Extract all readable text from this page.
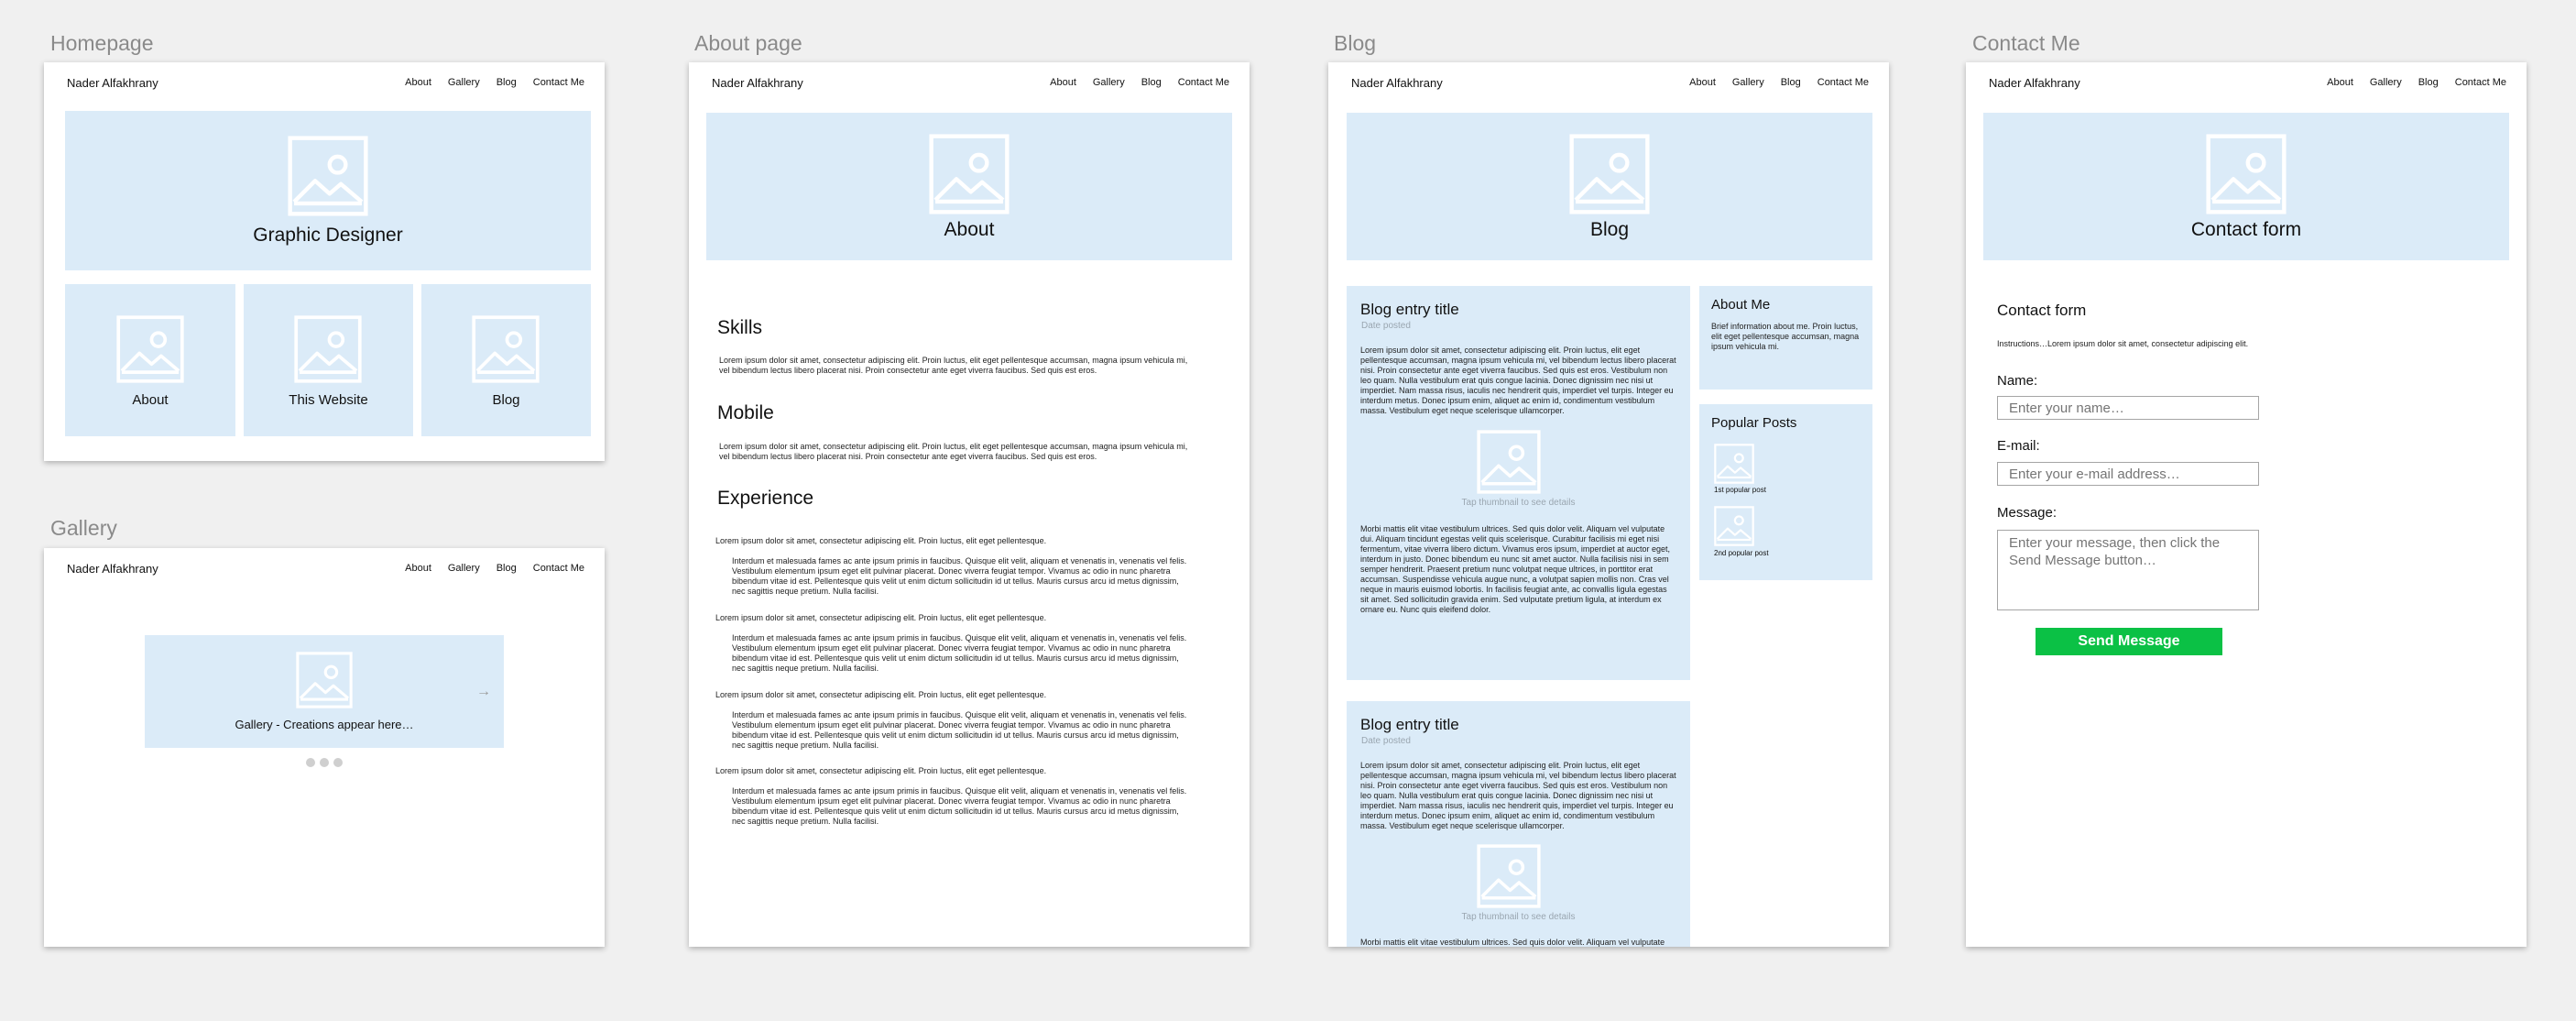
Homepage
Gallery
About page	Blog	Contact Me
Nader Alfakhrany	About Gallery Blog Contact Me
Graphic Designer
About	This Website	Blog
Nader Alfakhrany	About Gallery Blog Contact Me
Gallery - Creations appear here…
→
Nader Alfakhrany	About Gallery Blog Contact Me
About
Skills
Lorem ipsum dolor sit amet, consectetur adipiscing elit. Proin luctus, elit eget pellentesque accumsan, magna ipsum vehicula mi, vel bibendum lectus libero placerat nisi. Proin consectetur ante eget viverra faucibus. Sed quis est eros.
Mobile
Lorem ipsum dolor sit amet, consectetur adipiscing elit. Proin luctus, elit eget pellentesque accumsan, magna ipsum vehicula mi, vel bibendum lectus libero placerat nisi. Proin consectetur ante eget viverra faucibus. Sed quis est eros.
Experience
Lorem ipsum dolor sit amet, consectetur adipiscing elit. Proin luctus, elit eget pellentesque.
Interdum et malesuada fames ac ante ipsum primis in faucibus. Quisque elit velit, aliquam et venenatis in, venenatis vel felis. Vestibulum elementum ipsum eget elit pulvinar placerat. Donec viverra feugiat tempor. Vivamus ac odio in nunc pharetra bibendum vitae id est. Pellentesque quis velit ut enim dictum sollicitudin id ut tellus. Mauris cursus arcu id metus dignissim, nec sagittis neque pretium. Nulla facilisi.
Lorem ipsum dolor sit amet, consectetur adipiscing elit. Proin luctus, elit eget pellentesque.
Interdum et malesuada fames ac ante ipsum primis in faucibus. Quisque elit velit, aliquam et venenatis in, venenatis vel felis. Vestibulum elementum ipsum eget elit pulvinar placerat. Donec viverra feugiat tempor. Vivamus ac odio in nunc pharetra bibendum vitae id est. Pellentesque quis velit ut enim dictum sollicitudin id ut tellus. Mauris cursus arcu id metus dignissim, nec sagittis neque pretium. Nulla facilisi.
Lorem ipsum dolor sit amet, consectetur adipiscing elit. Proin luctus, elit eget pellentesque.
Interdum et malesuada fames ac ante ipsum primis in faucibus. Quisque elit velit, aliquam et venenatis in, venenatis vel felis. Vestibulum elementum ipsum eget elit pulvinar placerat. Donec viverra feugiat tempor. Vivamus ac odio in nunc pharetra bibendum vitae id est. Pellentesque quis velit ut enim dictum sollicitudin id ut tellus. Mauris cursus arcu id metus dignissim, nec sagittis neque pretium. Nulla facilisi.
Lorem ipsum dolor sit amet, consectetur adipiscing elit. Proin luctus, elit eget pellentesque.
Interdum et malesuada fames ac ante ipsum primis in faucibus. Quisque elit velit, aliquam et venenatis in, venenatis vel felis. Vestibulum elementum ipsum eget elit pulvinar placerat. Donec viverra feugiat tempor. Vivamus ac odio in nunc pharetra bibendum vitae id est. Pellentesque quis velit ut enim dictum sollicitudin id ut tellus. Mauris cursus arcu id metus dignissim, nec sagittis neque pretium. Nulla facilisi.
Nader Alfakhrany	About Gallery Blog Contact Me
Blog
Blog entry title
Date posted
Lorem ipsum dolor sit amet, consectetur adipiscing elit. Proin luctus, elit eget pellentesque accumsan, magna ipsum vehicula mi, vel bibendum lectus libero placerat nisi. Proin consectetur ante eget viverra faucibus. Sed quis est eros. Vestibulum non leo quam. Nulla vestibulum erat quis congue lacinia. Donec dignissim nec nisi ut imperdiet. Nam massa risus, iaculis nec hendrerit quis, imperdiet vel turpis. Integer eu interdum metus. Donec ipsum enim, aliquet ac enim id, condimentum vestibulum massa. Vestibulum eget neque scelerisque ullamcorper.
Tap thumbnail to see details
Morbi mattis elit vitae vestibulum ultrices. Sed quis dolor velit. Aliquam vel vulputate dui. Aliquam tincidunt egestas velit quis scelerisque. Curabitur facilisis mi eget nisi fermentum, vitae viverra libero dictum. Vivamus eros ipsum, imperdiet at auctor eget, interdum in justo. Donec bibendum eu nunc sit amet auctor. Nulla facilisis nisi in sem semper hendrerit. Praesent pretium nunc volutpat neque ultrices, in porttitor erat accumsan. Suspendisse vehicula augue nunc, a volutpat sapien mollis non. Cras vel neque in mauris euismod lobortis. In facilisis feugiat ante, ac convallis ligula egestas sit amet. Sed sollicitudin gravida enim. Sed vulputate pretium ligula, at interdum ex ornare eu. Nunc quis eleifend dolor.
About Me
Brief information about me. Proin luctus, elit eget pellentesque accumsan, magna ipsum vehicula mi.
Popular Posts
1st popular post
2nd popular post
Blog entry title
Date posted
Lorem ipsum dolor sit amet, consectetur adipiscing elit. Proin luctus, elit eget pellentesque accumsan, magna ipsum vehicula mi, vel bibendum lectus libero placerat nisi. Proin consectetur ante eget viverra faucibus. Sed quis est eros. Vestibulum non leo quam. Nulla vestibulum erat quis congue lacinia. Donec dignissim nec nisi ut imperdiet. Nam massa risus, iaculis nec hendrerit quis, imperdiet vel turpis. Integer eu interdum metus. Donec ipsum enim, aliquet ac enim id, condimentum vestibulum massa. Vestibulum eget neque scelerisque ullamcorper.
Tap thumbnail to see details
Morbi mattis elit vitae vestibulum ultrices. Sed quis dolor velit. Aliquam vel vulputate
Nader Alfakhrany	About Gallery Blog Contact Me
Contact form
Contact form
Instructions…Lorem ipsum dolor sit amet, consectetur adipiscing elit.
Name:
Enter your name…
E-mail:
Enter your e-mail address…
Message:
Enter your message, then click the Send Message button…
Send Message
